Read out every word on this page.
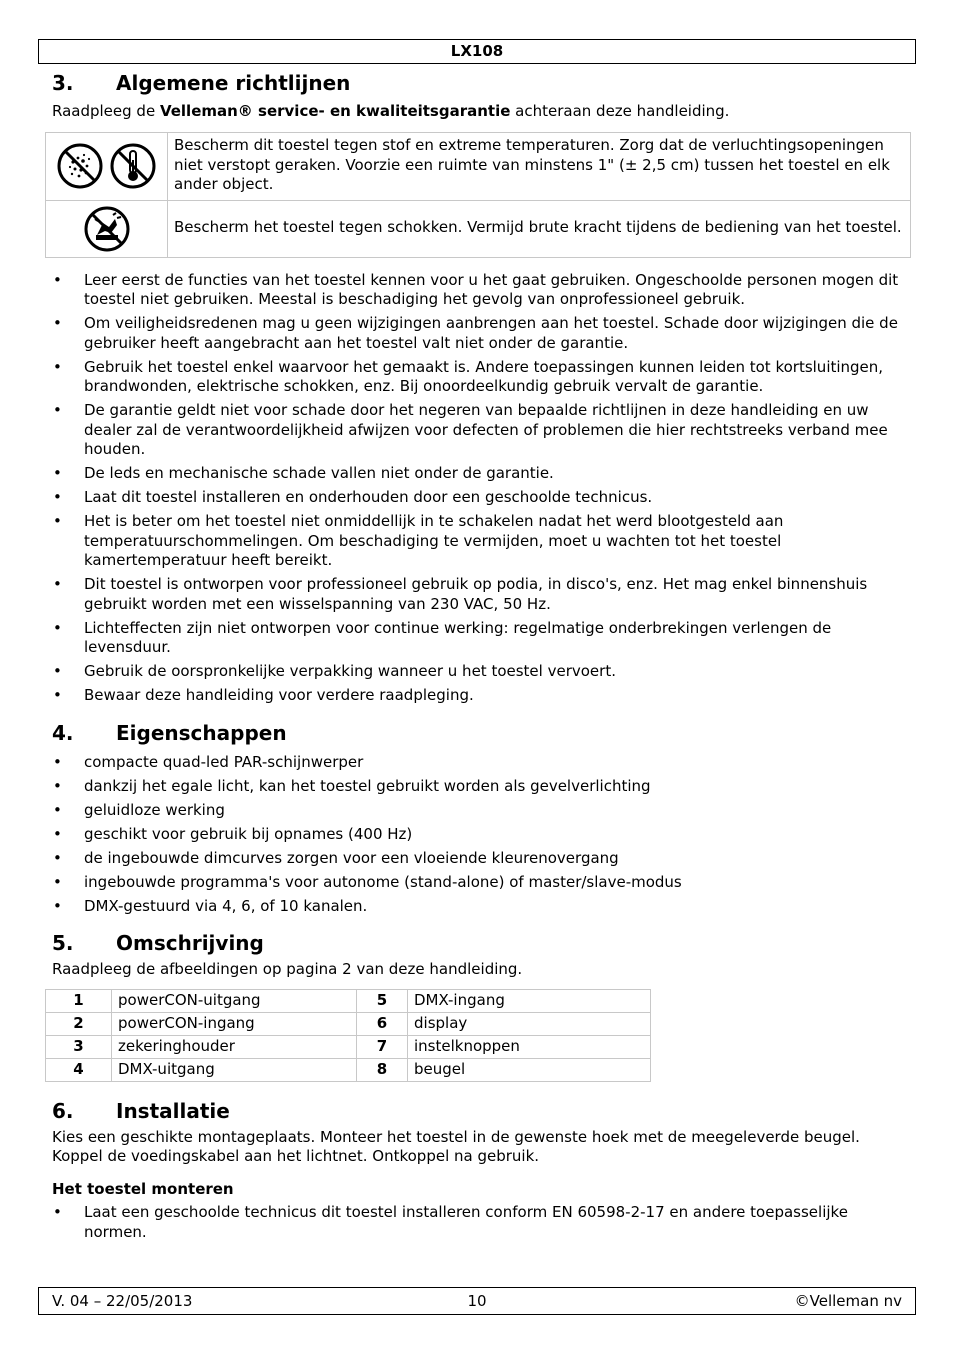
LX108
3.	Algemene richtlijnen

Raadpleeg de Velleman® service- en kwaliteitsgarantie achteraan deze handleiding.

	Bescherm dit toestel tegen stof en extreme temperaturen. Zorg dat de verluchtingsopeningen niet verstopt geraken. Voorzie een ruimte van minstens 1" (± 2,5 cm) tussen het toestel en elk ander object.
	Bescherm het toestel tegen schokken. Vermijd brute kracht tijdens de bediening van het toestel.
• Leer eerst de functies van het toestel kennen voor u het gaat gebruiken. Ongeschoolde personen mogen dit toestel niet gebruiken. Meestal is beschadiging het gevolg van onprofessioneel gebruik.
• Om veiligheidsredenen mag u geen wijzigingen aanbrengen aan het toestel. Schade door wijzigingen die de gebruiker heeft aangebracht aan het toestel valt niet onder de garantie.
• Gebruik het toestel enkel waarvoor het gemaakt is. Andere toepassingen kunnen leiden tot kortsluitingen, brandwonden, elektrische schokken, enz. Bij onoordeelkundig gebruik vervalt de garantie.
• De garantie geldt niet voor schade door het negeren van bepaalde richtlijnen in deze handleiding en uw dealer zal de verantwoordelijkheid afwijzen voor defecten of problemen die hier rechtstreeks verband mee houden.
• De leds en mechanische schade vallen niet onder de garantie.
• Laat dit toestel installeren en onderhouden door een geschoolde technicus.
• Het is beter om het toestel niet onmiddellijk in te schakelen nadat het werd blootgesteld aan temperatuurschommelingen. Om beschadiging te vermijden, moet u wachten tot het toestel kamertemperatuur heeft bereikt.
• Dit toestel is ontworpen voor professioneel gebruik op podia, in disco's, enz. Het mag enkel binnenshuis gebruikt worden met een wisselspanning van 230 VAC, 50 Hz.
• Lichteffecten zijn niet ontworpen voor continue werking: regelmatige onderbrekingen verlengen de levensduur.
• Gebruik de oorspronkelijke verpakking wanneer u het toestel vervoert.
• Bewaar deze handleiding voor verdere raadpleging.
4.	Eigenschappen
• compacte quad-led PAR-schijnwerper
• dankzij het egale licht, kan het toestel gebruikt worden als gevelverlichting
• geluidloze werking
• geschikt voor gebruik bij opnames (400 Hz)
• de ingebouwde dimcurves zorgen voor een vloeiende kleurenovergang
• ingebouwde programma's voor autonome (stand-alone) of master/slave-modus
• DMX-gestuurd via 4, 6, of 10 kanalen.
5.	Omschrijving

Raadpleeg de afbeeldingen op pagina 2 van deze handleiding.

1	powerCON-uitgang	5	DMX-ingang
2	powerCON-ingang	6	display
3	zekeringhouder	7	instelknoppen
4	DMX-uitgang	8	beugel
6.	Installatie

Kies een geschikte montageplaats. Monteer het toestel in de gewenste hoek met de meegeleverde beugel. Koppel de voedingskabel aan het lichtnet. Ontkoppel na gebruik.

Het toestel monteren
• Laat een geschoolde technicus dit toestel installeren conform EN 60598-2-17 en andere toepasselijke normen.
V. 04 – 22/05/2013	10	©Velleman nv
